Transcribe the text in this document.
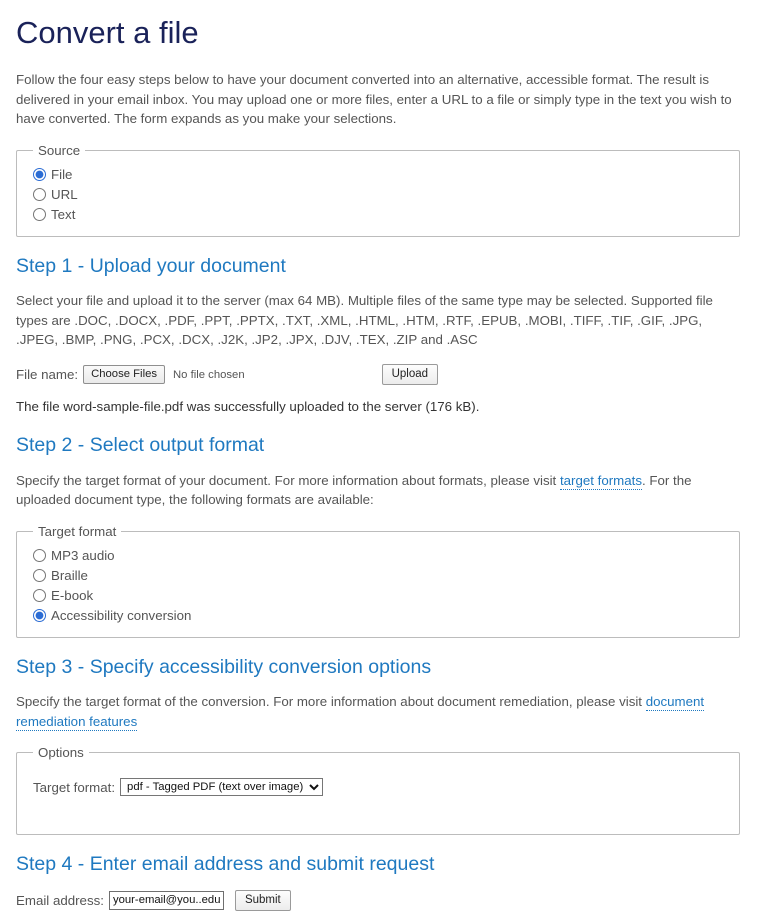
Convert a file

Follow the four easy steps below to have your document converted into an alternative, accessible format. The result is delivered in your email inbox. You may upload one or more files, enter a URL to a file or simply type in the text you wish to have converted. The form expands as you make your selections.

Source
File
URL
Text
Step 1 - Upload your document

Select your file and upload it to the server (max 64 MB). Multiple files of the same type may be selected. Supported file types are .DOC, .DOCX, .PDF, .PPT, .PPTX, .TXT, .XML, .HTML, .HTM, .RTF, .EPUB, .MOBI, .TIFF, .TIF, .GIF, .JPG, .JPEG, .BMP, .PNG, .PCX, .DCX, .J2K, .JP2, .JPX, .DJV, .TEX, .ZIP and .ASC

File name:	Choose Files	No file chosen	Upload

The file word-sample-file.pdf was successfully uploaded to the server (176 kB).

Step 2 - Select output format

Specify the target format of your document. For more information about formats, please visit target formats. For the uploaded document type, the following formats are available:

Target format
MP3 audio
Braille
E-book
Accessibility conversion
Step 3 - Specify accessibility conversion options

Specify the target format of the conversion. For more information about document remediation, please visit document remediation features

Options
Target format:
pdf - Tagged PDF (text over image)
Step 4 - Enter email address and submit request
Email address:
your-email@you..edu	Submit
